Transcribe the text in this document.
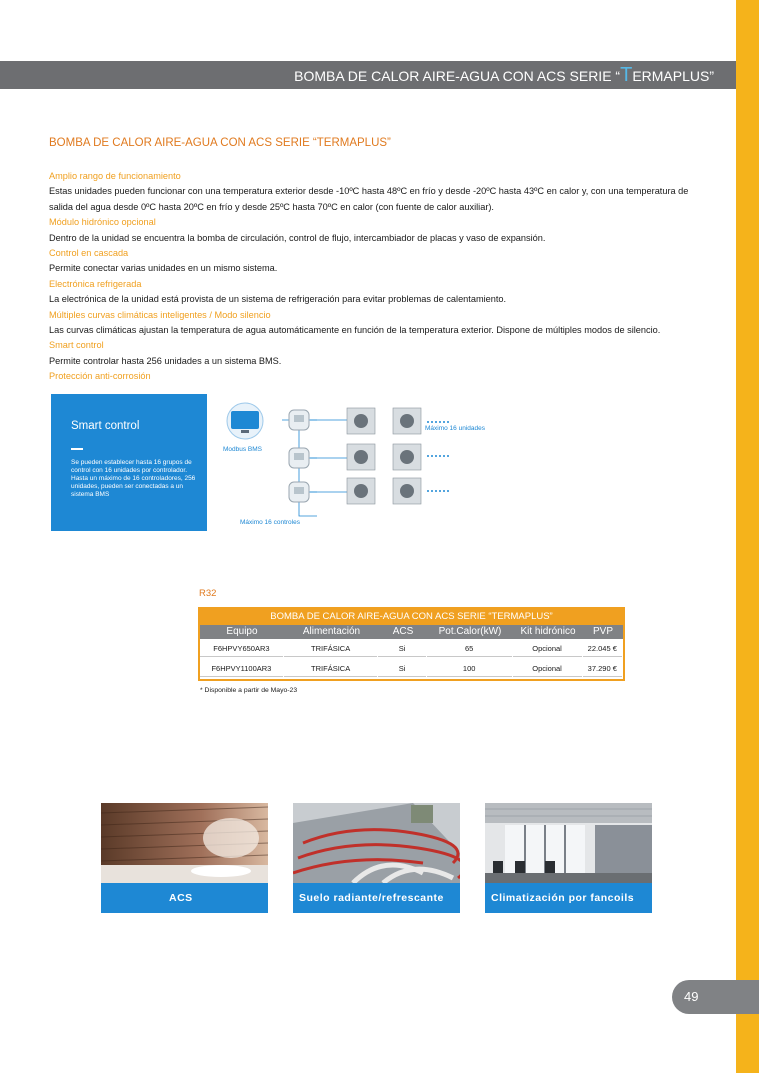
BOMBA DE CALOR AIRE-AGUA CON ACS SERIE “TERMAPLUS”
BOMBA DE CALOR AIRE-AGUA CON ACS SERIE “TERMAPLUS”
Amplio rango de funcionamiento
Estas unidades pueden funcionar con una temperatura exterior desde -10ºC hasta 48ºC en frío y desde -20ºC hasta 43ºC en calor y, con una temperatura de salida del agua desde 0ºC hasta 20ºC en frío y desde 25ºC hasta 70ºC en calor (con fuente de calor auxiliar).
Módulo hidrónico opcional
Dentro de la unidad se encuentra la bomba de circulación, control de flujo, intercambiador de placas y vaso de expansión.
Control en cascada
Permite conectar varias unidades en un mismo sistema.
Electrónica refrigerada
La electrónica de la unidad está provista de un sistema de refrigeración para evitar problemas de calentamiento.
Múltiples curvas climáticas inteligentes / Modo silencio
Las curvas climáticas ajustan la temperatura de agua automáticamente en función de la temperatura exterior. Dispone de múltiples modos de silencio.
Smart control
Permite controlar hasta 256 unidades a un sistema BMS.
Protección anti-corrosión
Smart control
Se pueden establecer hasta 16 grupos de control con 16 unidades por controlador. Hasta un máximo de 16 controladores, 256 unidades, pueden ser conectadas a un sistema BMS
Modbus BMS
Máximo 16 unidades
Máximo 16 controles
R32
BOMBA DE CALOR AIRE-AGUA CON ACS SERIE “TERMAPLUS”
Equipo	Alimentación	ACS	Pot.Calor(kW)	Kit hidrónico	PVP
F6HPVY650AR3	TRIFÁSICA	Si	65	Opcional	22.045 €
F6HPVY1100AR3	TRIFÁSICA	Si	100	Opcional	37.290 €
* Disponible a partir de Mayo-23
ACS	Suelo radiante/refrescante	Climatización por fancoils
49
